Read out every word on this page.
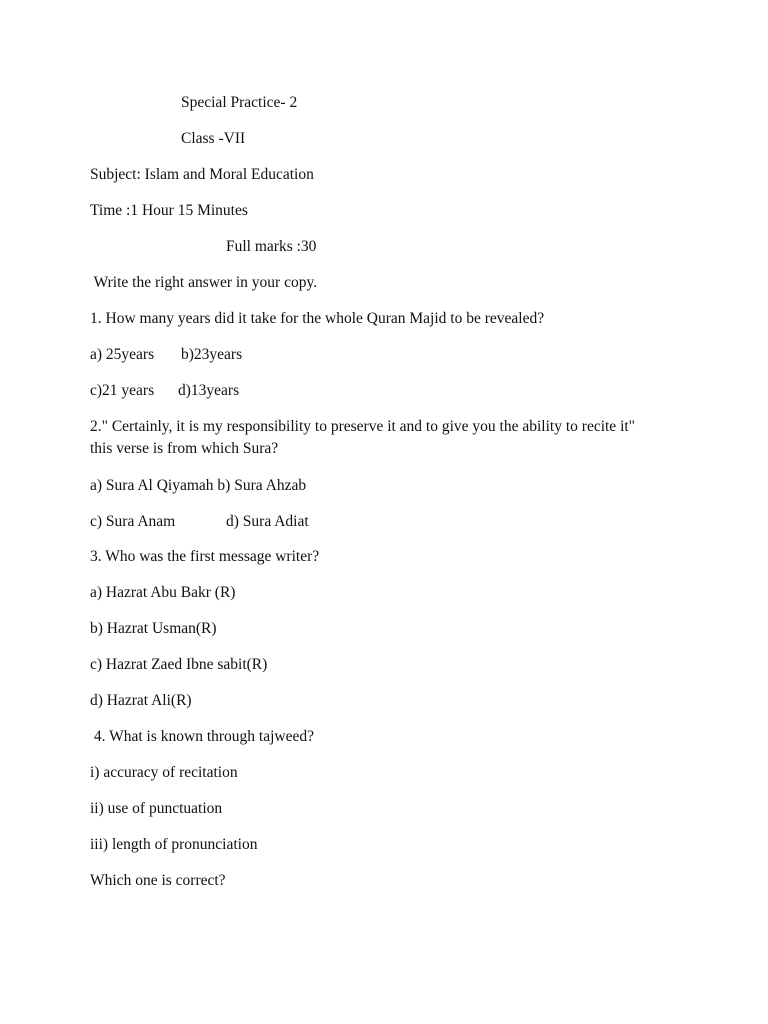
Special Practice- 2
Class -VII
Subject: Islam and Moral Education
Time :1 Hour 15 Minutes
Full marks :30
Write the right answer in your copy.
1. How many years did it take for the whole Quran Majid to be revealed?
a) 25years b)23years
c)21 years d)13years
2." Certainly, it is my responsibility to preserve it and to give you the ability to recite it"
this verse is from which Sura?
a) Sura Al Qiyamah b) Sura Ahzab
c) Sura Anam	d) Sura Adiat
3. Who was the first message writer?
a) Hazrat Abu Bakr (R)
b) Hazrat Usman(R)
c) Hazrat Zaed Ibne sabit(R)
d) Hazrat Ali(R)
4. What is known through tajweed?
i) accuracy of recitation
ii) use of punctuation
iii) length of pronunciation
Which one is correct?
